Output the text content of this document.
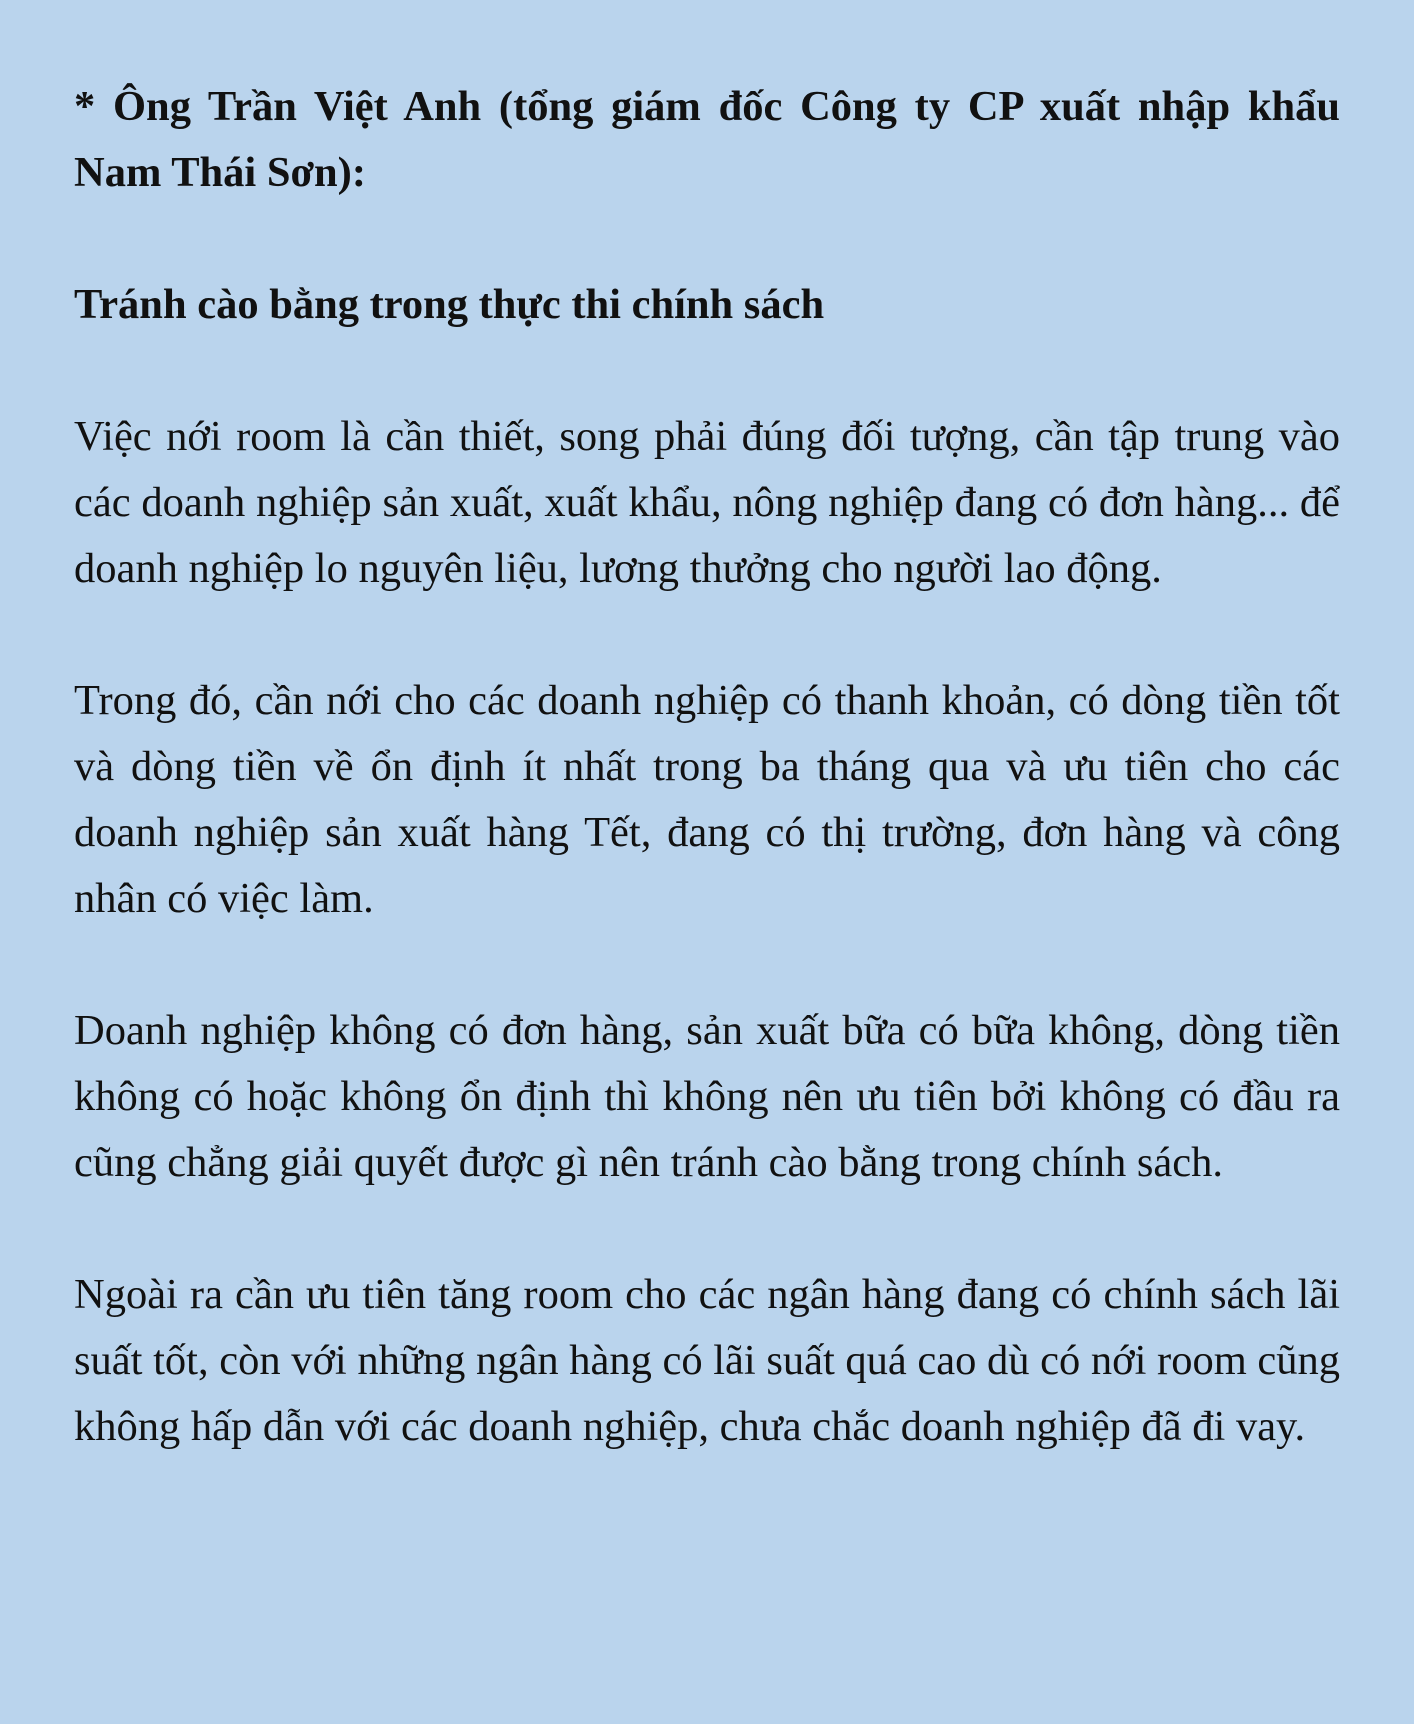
* Ông Trần Việt Anh (tổng giám đốc Công ty CP xuất nhập khẩu Nam Thái Sơn):

Tránh cào bằng trong thực thi chính sách

Việc nới room là cần thiết, song phải đúng đối tượng, cần tập trung vào các doanh nghiệp sản xuất, xuất khẩu, nông nghiệp đang có đơn hàng... để doanh nghiệp lo nguyên liệu, lương thưởng cho người lao động.

Trong đó, cần nới cho các doanh nghiệp có thanh khoản, có dòng tiền tốt và dòng tiền về ổn định ít nhất trong ba tháng qua và ưu tiên cho các doanh nghiệp sản xuất hàng Tết, đang có thị trường, đơn hàng và công nhân có việc làm.

Doanh nghiệp không có đơn hàng, sản xuất bữa có bữa không, dòng tiền không có hoặc không ổn định thì không nên ưu tiên bởi không có đầu ra cũng chẳng giải quyết được gì nên tránh cào bằng trong chính sách.

Ngoài ra cần ưu tiên tăng room cho các ngân hàng đang có chính sách lãi suất tốt, còn với những ngân hàng có lãi suất quá cao dù có nới room cũng không hấp dẫn với các doanh nghiệp, chưa chắc doanh nghiệp đã đi vay.
